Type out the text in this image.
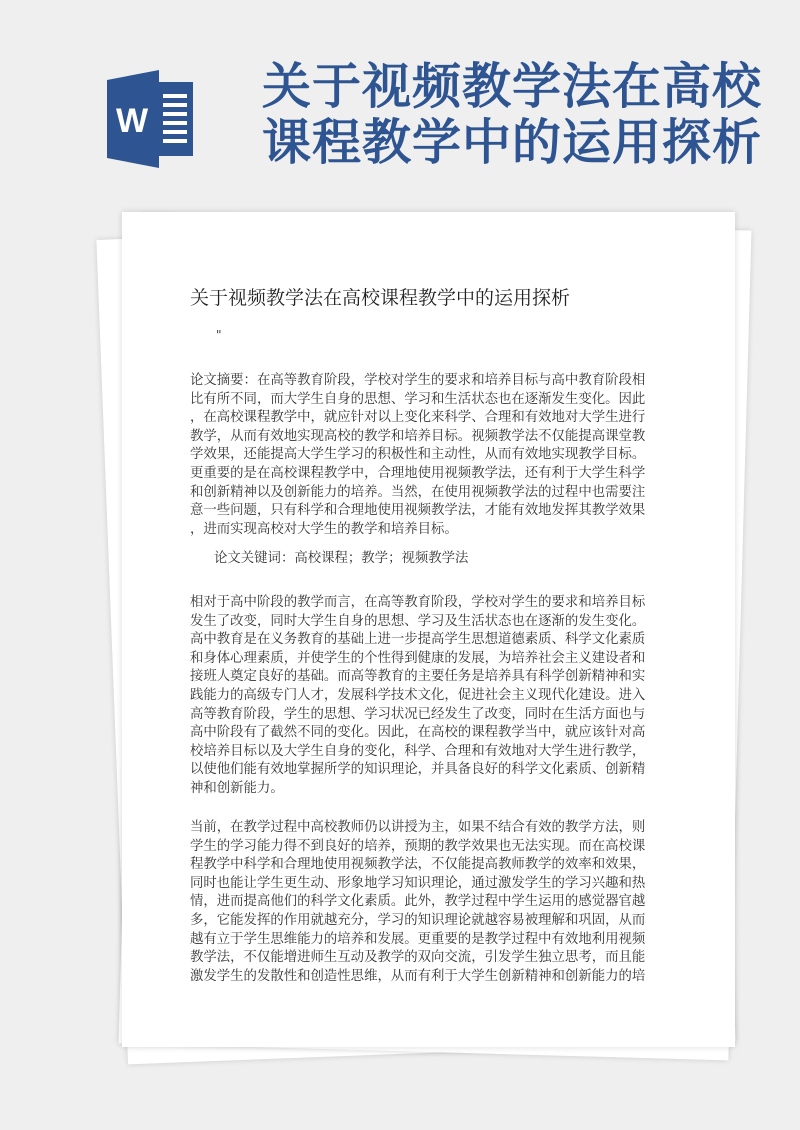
W
关于视频教学法在高校
课程教学中的运用探析
关于视频教学法在高校课程教学中的运用探析
"
论文摘要：在高等教育阶段，学校对学生的要求和培养目标与高中教育阶段相
比有所不同，而大学生自身的思想、学习和生活状态也在逐渐发生变化。因此
，在高校课程教学中，就应针对以上变化来科学、合理和有效地对大学生进行
教学，从而有效地实现高校的教学和培养目标。视频教学法不仅能提高课堂教
学效果，还能提高大学生学习的积极性和主动性，从而有效地实现教学目标。
更重要的是在高校课程教学中，合理地使用视频教学法，还有利于大学生科学
和创新精神以及创新能力的培养。当然，在使用视频教学法的过程中也需要注
意一些问题，只有科学和合理地使用视频教学法，才能有效地发挥其教学效果
，进而实现高校对大学生的教学和培养目标。
论文关键词：高校课程；教学；视频教学法
相对于高中阶段的教学而言，在高等教育阶段，学校对学生的要求和培养目标
发生了改变，同时大学生自身的思想、学习及生活状态也在逐渐的发生变化。
高中教育是在义务教育的基础上进一步提高学生思想道德素质、科学文化素质
和身体心理素质，并使学生的个性得到健康的发展，为培养社会主义建设者和
接班人奠定良好的基础。而高等教育的主要任务是培养具有科学创新精神和实
践能力的高级专门人才，发展科学技术文化，促进社会主义现代化建设。进入
高等教育阶段，学生的思想、学习状况已经发生了改变，同时在生活方面也与
高中阶段有了截然不同的变化。因此，在高校的课程教学当中，就应该针对高
校培养目标以及大学生自身的变化，科学、合理和有效地对大学生进行教学，
以使他们能有效地掌握所学的知识理论，并具备良好的科学文化素质、创新精
神和创新能力。
当前，在教学过程中高校教师仍以讲授为主，如果不结合有效的教学方法，则
学生的学习能力得不到良好的培养，预期的教学效果也无法实现。而在高校课
程教学中科学和合理地使用视频教学法，不仅能提高教师教学的效率和效果，
同时也能让学生更生动、形象地学习知识理论，通过激发学生的学习兴趣和热
情，进而提高他们的科学文化素质。此外，教学过程中学生运用的感觉器官越
多，它能发挥的作用就越充分，学习的知识理论就越容易被理解和巩固，从而
越有立于学生思维能力的培养和发展。更重要的是教学过程中有效地利用视频
教学法，不仅能增进师生互动及教学的双向交流，引发学生独立思考，而且能
激发学生的发散性和创造性思维，从而有利于大学生创新精神和创新能力的培
